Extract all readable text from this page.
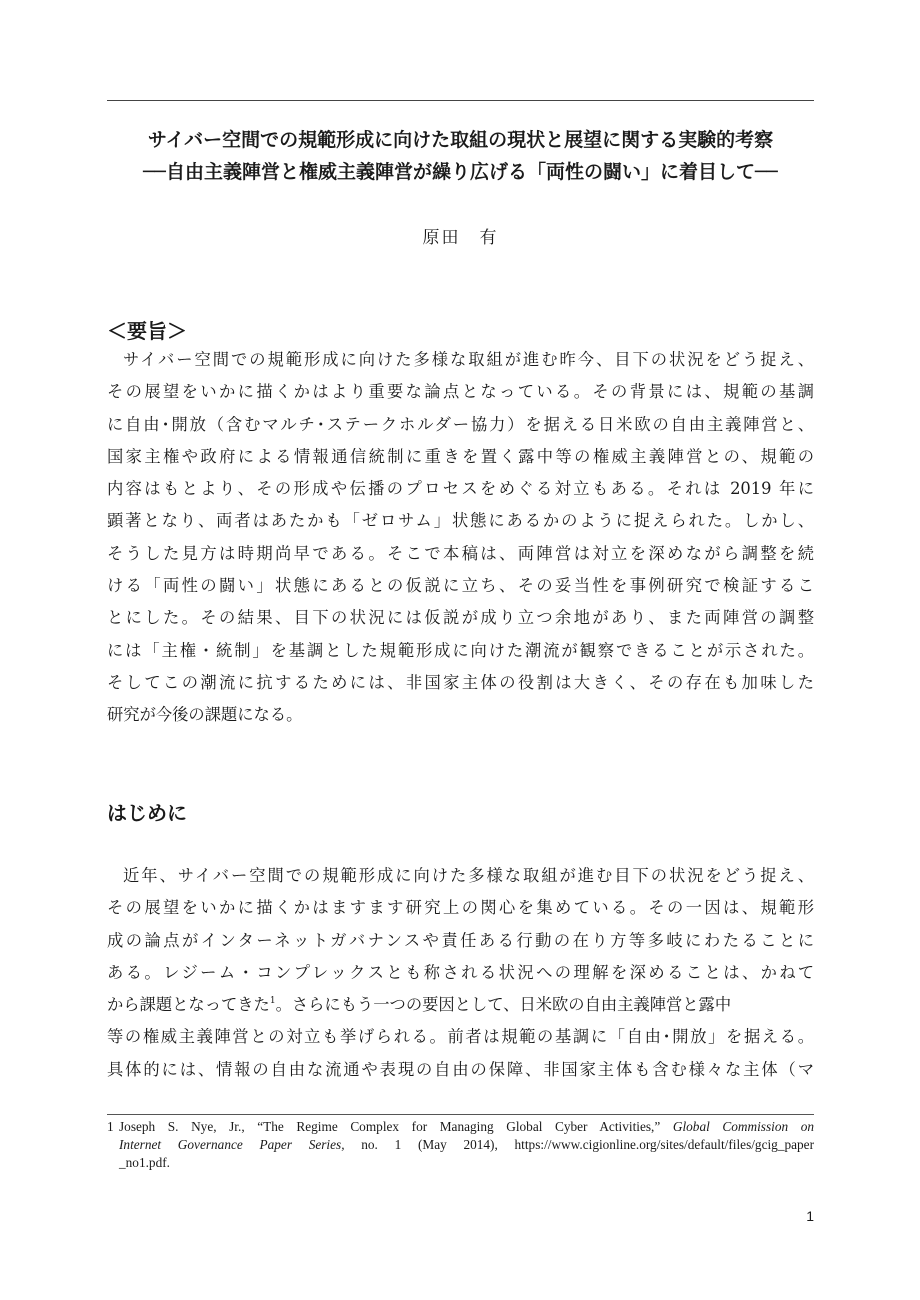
サイバー空間での規範形成に向けた取組の現状と展望に関する実験的考察
──自由主義陣営と権威主義陣営が繰り広げる「両性の闘い」に着目して──
原田　有
＜要旨＞
サイバー空間での規範形成に向けた多様な取組が進む昨今、目下の状況をどう捉え、
その展望をいかに描くかはより重要な論点となっている。その背景には、規範の基調
に自由･開放（含むマルチ･ステークホルダー協力）を据える日米欧の自由主義陣営と、
国家主権や政府による情報通信統制に重きを置く露中等の権威主義陣営との、規範の
内容はもとより、その形成や伝播のプロセスをめぐる対立もある。それは 2019 年に
顕著となり、両者はあたかも「ゼロサム」状態にあるかのように捉えられた。しかし、
そうした見方は時期尚早である。そこで本稿は、両陣営は対立を深めながら調整を続
ける「両性の闘い」状態にあるとの仮説に立ち、その妥当性を事例研究で検証するこ
とにした。その結果、目下の状況には仮説が成り立つ余地があり、また両陣営の調整
には「主権・統制」を基調とした規範形成に向けた潮流が観察できることが示された。
そしてこの潮流に抗するためには、非国家主体の役割は大きく、その存在も加味した
研究が今後の課題になる。
はじめに
近年、サイバー空間での規範形成に向けた多様な取組が進む目下の状況をどう捉え、
その展望をいかに描くかはますます研究上の関心を集めている。その一因は、規範形
成の論点がインターネットガバナンスや責任ある行動の在り方等多岐にわたることに
ある。レジーム・コンプレックスとも称される状況への理解を深めることは、かねて
から課題となってきた$^1$。さらにもう一つの要因として、日米欧の自由主義陣営と露中
等の権威主義陣営との対立も挙げられる。前者は規範の基調に「自由･開放」を据える。
具体的には、情報の自由な流通や表現の自由の保障、非国家主体も含む様々な主体（マ
1 Joseph S. Nye, Jr., “The Regime Complex for Managing Global Cyber Activities,” Global Commission on
Internet Governance Paper Series, no. 1 (May 2014), https://www.cigionline.org/sites/default/files/gcig_paper
_no1.pdf.
1
